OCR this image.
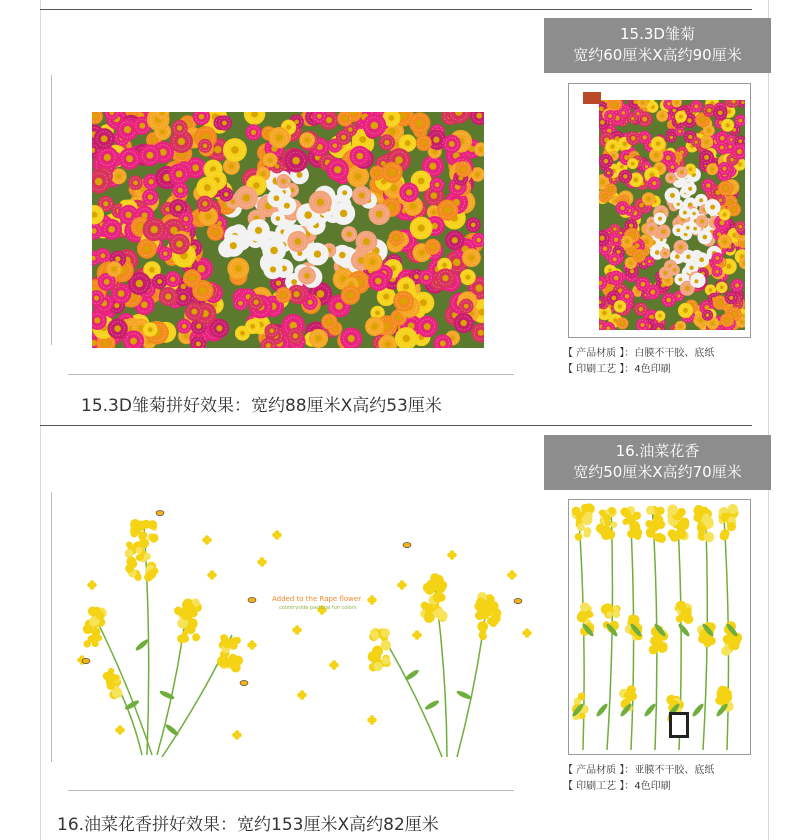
15.3D雏菊
宽约60厘米X高约90厘米
【 产品材质 】：白膜不干胶、底纸
【 印刷工艺 】：4色印刷
15.3D雏菊拼好效果：宽约88厘米X高约53厘米
16.油菜花香
宽约50厘米X高约70厘米
【 产品材质 】：亚膜不干胶、底纸
【 印刷工艺 】：4色印刷
Added to the Rape flower
countryside pastoral fun colors
16.油菜花香拼好效果：宽约153厘米X高约82厘米
